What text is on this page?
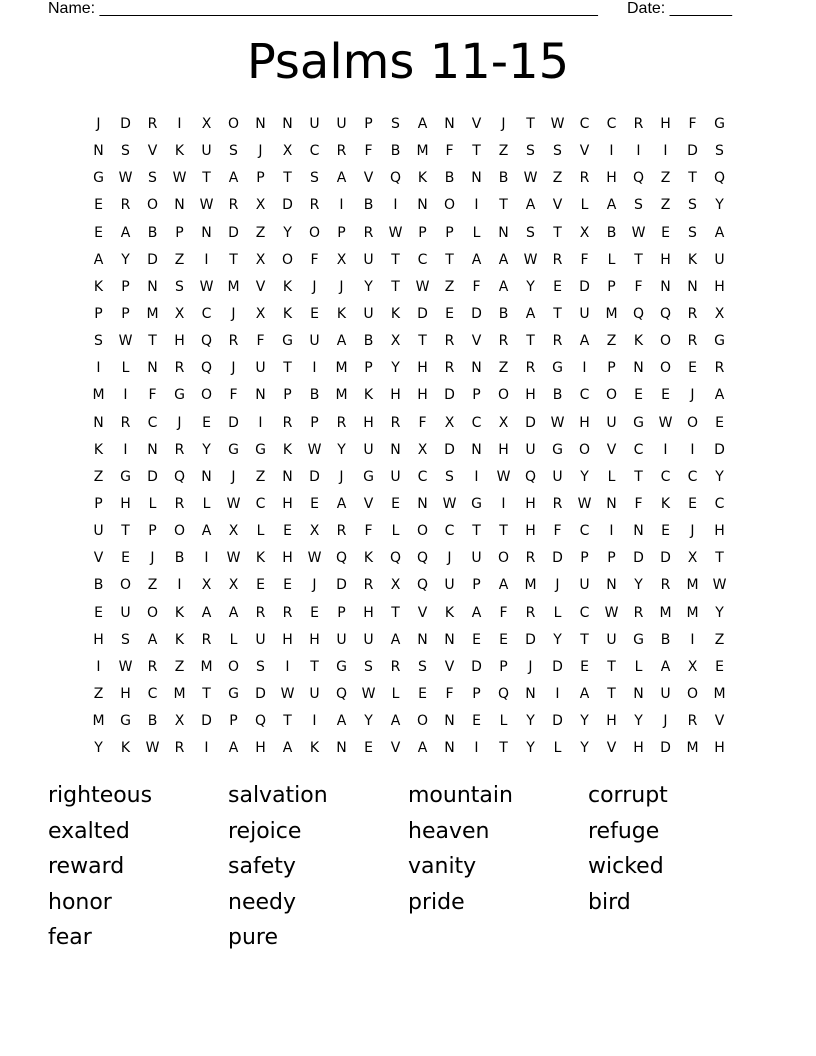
Name: ________________________________________________________ Date: _______
Psalms 11-15
J	D	R	I	X	O	N	N	U	U	P	S	A	N	V	J	T	W	C	C	R	H	F	G
N	S	V	K	U	S	J	X	C	R	F	B	M	F	T	Z	S	S	V	I	I	I	D	S
G	W	S	W	T	A	P	T	S	A	V	Q	K	B	N	B	W	Z	R	H	Q	Z	T	Q
E	R	O	N	W	R	X	D	R	I	B	I	N	O	I	T	A	V	L	A	S	Z	S	Y
E	A	B	P	N	D	Z	Y	O	P	R	W	P	P	L	N	S	T	X	B	W	E	S	A
A	Y	D	Z	I	T	X	O	F	X	U	T	C	T	A	A	W	R	F	L	T	H	K	U
K	P	N	S	W	M	V	K	J	J	Y	T	W	Z	F	A	Y	E	D	P	F	N	N	H
P	P	M	X	C	J	X	K	E	K	U	K	D	E	D	B	A	T	U	M	Q	Q	R	X
S	W	T	H	Q	R	F	G	U	A	B	X	T	R	V	R	T	R	A	Z	K	O	R	G
I	L	N	R	Q	J	U	T	I	M	P	Y	H	R	N	Z	R	G	I	P	N	O	E	R
M	I	F	G	O	F	N	P	B	M	K	H	H	D	P	O	H	B	C	O	E	E	J	A
N	R	C	J	E	D	I	R	P	R	H	R	F	X	C	X	D	W	H	U	G	W	O	E
K	I	N	R	Y	G	G	K	W	Y	U	N	X	D	N	H	U	G	O	V	C	I	I	D
Z	G	D	Q	N	J	Z	N	D	J	G	U	C	S	I	W	Q	U	Y	L	T	C	C	Y
P	H	L	R	L	W	C	H	E	A	V	E	N	W	G	I	H	R	W	N	F	K	E	C
U	T	P	O	A	X	L	E	X	R	F	L	O	C	T	T	H	F	C	I	N	E	J	H
V	E	J	B	I	W	K	H	W	Q	K	Q	Q	J	U	O	R	D	P	P	D	D	X	T
B	O	Z	I	X	X	E	E	J	D	R	X	Q	U	P	A	M	J	U	N	Y	R	M	W
E	U	O	K	A	A	R	R	E	P	H	T	V	K	A	F	R	L	C	W	R	M	M	Y
H	S	A	K	R	L	U	H	H	U	U	A	N	N	E	E	D	Y	T	U	G	B	I	Z
I	W	R	Z	M	O	S	I	T	G	S	R	S	V	D	P	J	D	E	T	L	A	X	E
Z	H	C	M	T	G	D	W	U	Q	W	L	E	F	P	Q	N	I	A	T	N	U	O	M
M	G	B	X	D	P	Q	T	I	A	Y	A	O	N	E	L	Y	D	Y	H	Y	J	R	V
Y	K	W	R	I	A	H	A	K	N	E	V	A	N	I	T	Y	L	Y	V	H	D	M	H
righteous	salvation	mountain	corrupt
exalted	rejoice	heaven	refuge
reward	safety	vanity	wicked
honor	needy	pride	bird
fear	pure
